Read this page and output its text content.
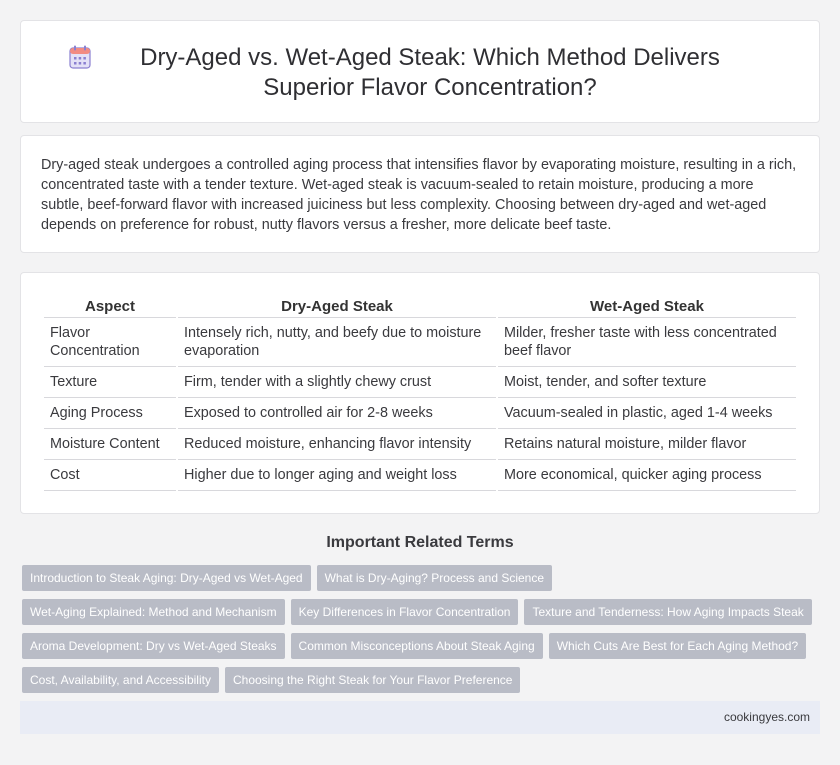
Dry-Aged vs. Wet-Aged Steak: Which Method Delivers Superior Flavor Concentration?

Dry-aged steak undergoes a controlled aging process that intensifies flavor by evaporating moisture, resulting in a rich, concentrated taste with a tender texture. Wet-aged steak is vacuum-sealed to retain moisture, producing a more subtle, beef-forward flavor with increased juiciness but less complexity. Choosing between dry-aged and wet-aged depends on preference for robust, nutty flavors versus a fresher, more delicate beef taste.

Aspect	Dry-Aged Steak	Wet-Aged Steak
Flavor Concentration	Intensely rich, nutty, and beefy due to moisture evaporation	Milder, fresher taste with less concentrated beef flavor
Texture	Firm, tender with a slightly chewy crust	Moist, tender, and softer texture
Aging Process	Exposed to controlled air for 2-8 weeks	Vacuum-sealed in plastic, aged 1-4 weeks
Moisture Content	Reduced moisture, enhancing flavor intensity	Retains natural moisture, milder flavor
Cost	Higher due to longer aging and weight loss	More economical, quicker aging process
Important Related Terms
Introduction to Steak Aging: Dry-Aged vs Wet-Aged	What is Dry-Aging? Process and Science
Wet-Aging Explained: Method and Mechanism	Key Differences in Flavor Concentration	Texture and Tenderness: How Aging Impacts Steak
Aroma Development: Dry vs Wet-Aged Steaks	Common Misconceptions About Steak Aging	Which Cuts Are Best for Each Aging Method?
Cost, Availability, and Accessibility	Choosing the Right Steak for Your Flavor Preference
cookingyes.com
